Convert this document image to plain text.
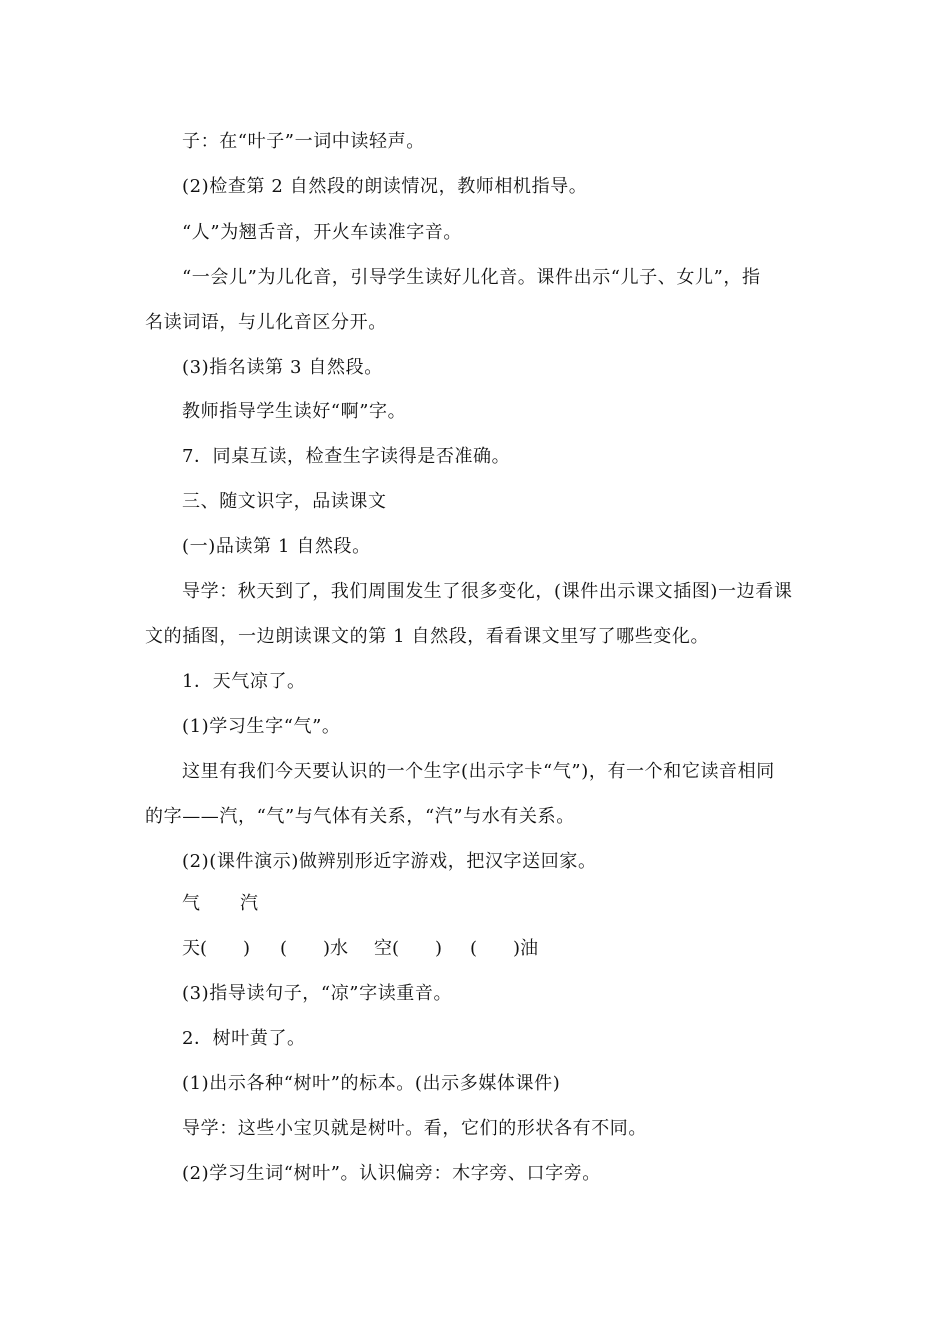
子：在“叶子”一词中读轻声。
(2)检查第 2 自然段的朗读情况，教师相机指导。
“人”为翘舌音，开火车读准字音。
“一会儿”为儿化音，引导学生读好儿化音。课件出示“儿子、女儿”，指
名读词语，与儿化音区分开。
(3)指名读第 3 自然段。
教师指导学生读好“啊”字。
7．同桌互读，检查生字读得是否准确。
三、随文识字，品读课文
(一)品读第 1 自然段。
导学：秋天到了，我们周围发生了很多变化，(课件出示课文插图)一边看课
文的插图，一边朗读课文的第 1 自然段，看看课文里写了哪些变化。
1．天气凉了。
(1)学习生字“气”。
这里有我们今天要认识的一个生字(出示字卡“气”)，有一个和它读音相同
的字——汽，“气”与气体有关系，“汽”与水有关系。
(2)(课件演示)做辨别形近字游戏，把汉字送回家。
气 汽
天(　　) (　　)水 空(　　) (　　)油
(3)指导读句子，“凉”字读重音。
2．树叶黄了。
(1)出示各种“树叶”的标本。(出示多媒体课件)
导学：这些小宝贝就是树叶。看，它们的形状各有不同。
(2)学习生词“树叶”。认识偏旁：木字旁、口字旁。
